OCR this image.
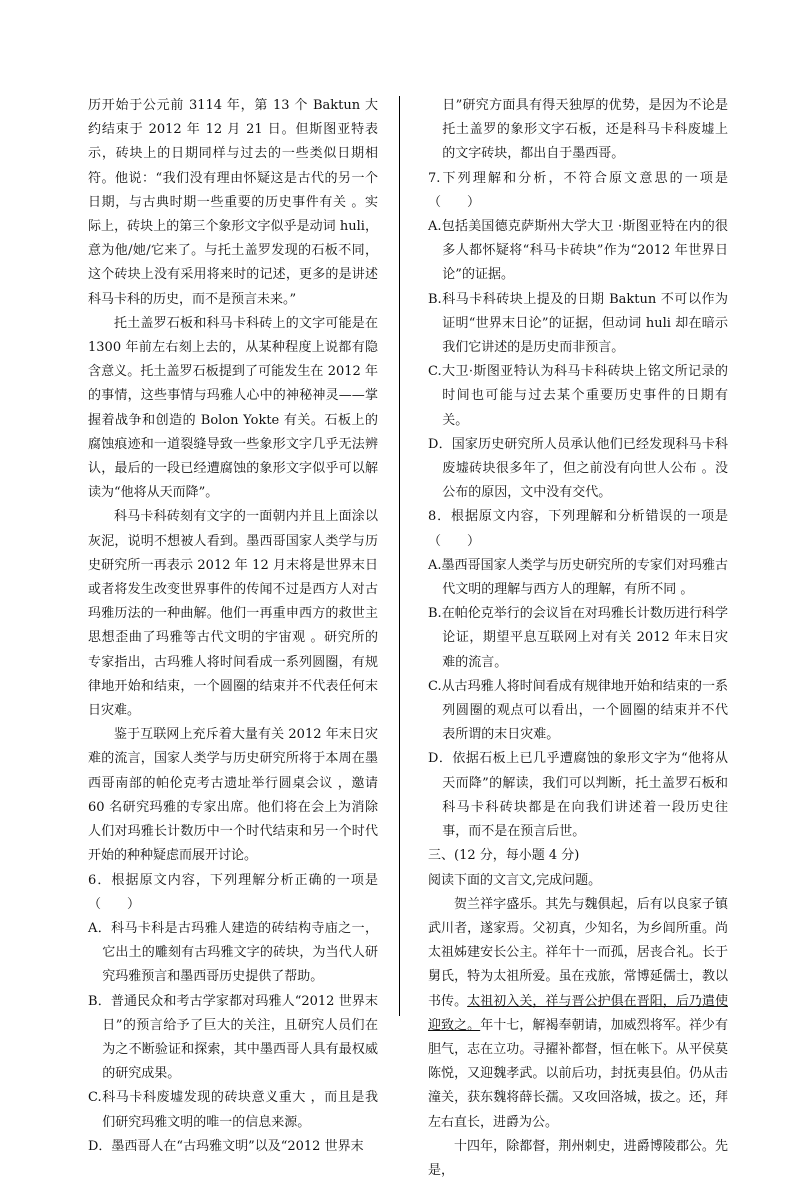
历开始于公元前 3114 年，第 13 个 Baktun 大约结束于 2012 年 12 月 21 日。但斯图亚特表示，砖块上的日期同样与过去的一些类似日期相符。他说：“我们没有理由怀疑这是古代的另一个日期，与古典时期一些重要的历史事件有关 。实际上，砖块上的第三个象形文字似乎是动词 huli，意为他/她/它来了。与托土盖罗发现的石板不同，这个砖块上没有采用将来时的记述，更多的是讲述科马卡科的历史，而不是预言未来。”

托土盖罗石板和科马卡科砖上的文字可能是在 1300 年前左右刻上去的，从某种程度上说都有隐含意义。托土盖罗石板提到了可能发生在 2012 年的事情，这些事情与玛雅人心中的神秘神灵——掌握着战争和创造的 Bolon Yokte 有关。石板上的腐蚀痕迹和一道裂缝导致一些象形文字几乎无法辨认，最后的一段已经遭腐蚀的象形文字似乎可以解读为“他将从天而降”。

科马卡科砖刻有文字的一面朝内并且上面涂以灰泥，说明不想被人看到。墨西哥国家人类学与历史研究所一再表示 2012 年 12 月末将是世界末日或者将发生改变世界事件的传闻不过是西方人对古玛雅历法的一种曲解。他们一再重申西方的救世主思想歪曲了玛雅等古代文明的宇宙观 。研究所的专家指出，古玛雅人将时间看成一系列圆圈，有规律地开始和结束，一个圆圈的结束并不代表任何末日灾难。

鉴于互联网上充斥着大量有关 2012 年末日灾难的流言，国家人类学与历史研究所将于本周在墨西哥南部的帕伦克考古遗址举行圆桌会议 ，邀请 60 名研究玛雅的专家出席。他们将在会上为消除人们对玛雅长计数历中一个时代结束和另一个时代开始的种种疑虑而展开讨论。

6．根据原文内容，下列理解分析正确的一项是（　　）

A．科马卡科是古玛雅人建造的砖结构寺庙之一，它出土的雕刻有古玛雅文字的砖块，为当代人研究玛雅预言和墨西哥历史提供了帮助。

B．普通民众和考古学家都对玛雅人“2012 世界末日”的预言给予了巨大的关注，且研究人员们在为之不断验证和探索，其中墨西哥人具有最权威的研究成果。

C.科马卡科废墟发现的砖块意义重大 ，而且是我们研究玛雅文明的唯一的信息来源。

D．墨西哥人在“古玛雅文明”以及“2012 世界末

日”研究方面具有得天独厚的优势，是因为不论是托土盖罗的象形文字石板，还是科马卡科废墟上的文字砖块，都出自于墨西哥。

7.下列理解和分析，不符合原文意思的一项是（　　）

A.包括美国德克萨斯州大学大卫 ·斯图亚特在内的很多人都怀疑将“科马卡砖块”作为“2012 年世界日论”的证据。

B.科马卡科砖块上提及的日期 Baktun 不可以作为证明“世界末日论”的证据，但动词 huli 却在暗示我们它讲述的是历史而非预言。

C.大卫·斯图亚特认为科马卡科砖块上铭文所记录的时间也可能与过去某个重要历史事件的日期有关。

D．国家历史研究所人员承认他们已经发现科马卡科废墟砖块很多年了，但之前没有向世人公布 。没公布的原因，文中没有交代。

8．根据原文内容，下列理解和分析错误的一项是（　　）

A.墨西哥国家人类学与历史研究所的专家们对玛雅古代文明的理解与西方人的理解，有所不同 。

B.在帕伦克举行的会议旨在对玛雅长计数历进行科学论证，期望平息互联网上对有关 2012 年末日灾难的流言。

C.从古玛雅人将时间看成有规律地开始和结束的一系列圆圈的观点可以看出，一个圆圈的结束并不代表所谓的末日灾难。

D．依据石板上已几乎遭腐蚀的象形文字为“他将从天而降”的解读，我们可以判断，托土盖罗石板和科马卡科砖块都是在向我们讲述着一段历史往事，而不是在预言后世。

三、(12 分，每小题 4 分)

阅读下面的文言文,完成问题。

贺兰祥字盛乐。其先与魏俱起，后有以良家子镇武川者，遂家焉。父初真，少知名，为乡闾所重。尚太祖姊建安长公主。祥年十一而孤，居丧合礼。长于舅氏，特为太祖所爱。虽在戎旅，常博延儒士，教以书传。太祖初入关，祥与晋公护俱在晋阳，后乃遣使迎致之。年十七，解褐奉朝请，加威烈将军。祥少有胆气，志在立功。寻擢补都督，恒在帐下。从平侯莫陈悦，又迎魏孝武。以前后功，封抚夷县伯。仍从击潼关，获东魏将薛长孺。又攻回洛城，拔之。还，拜左右直长，进爵为公。

十四年，除都督，荆州刺史，进爵博陵郡公。先是，
